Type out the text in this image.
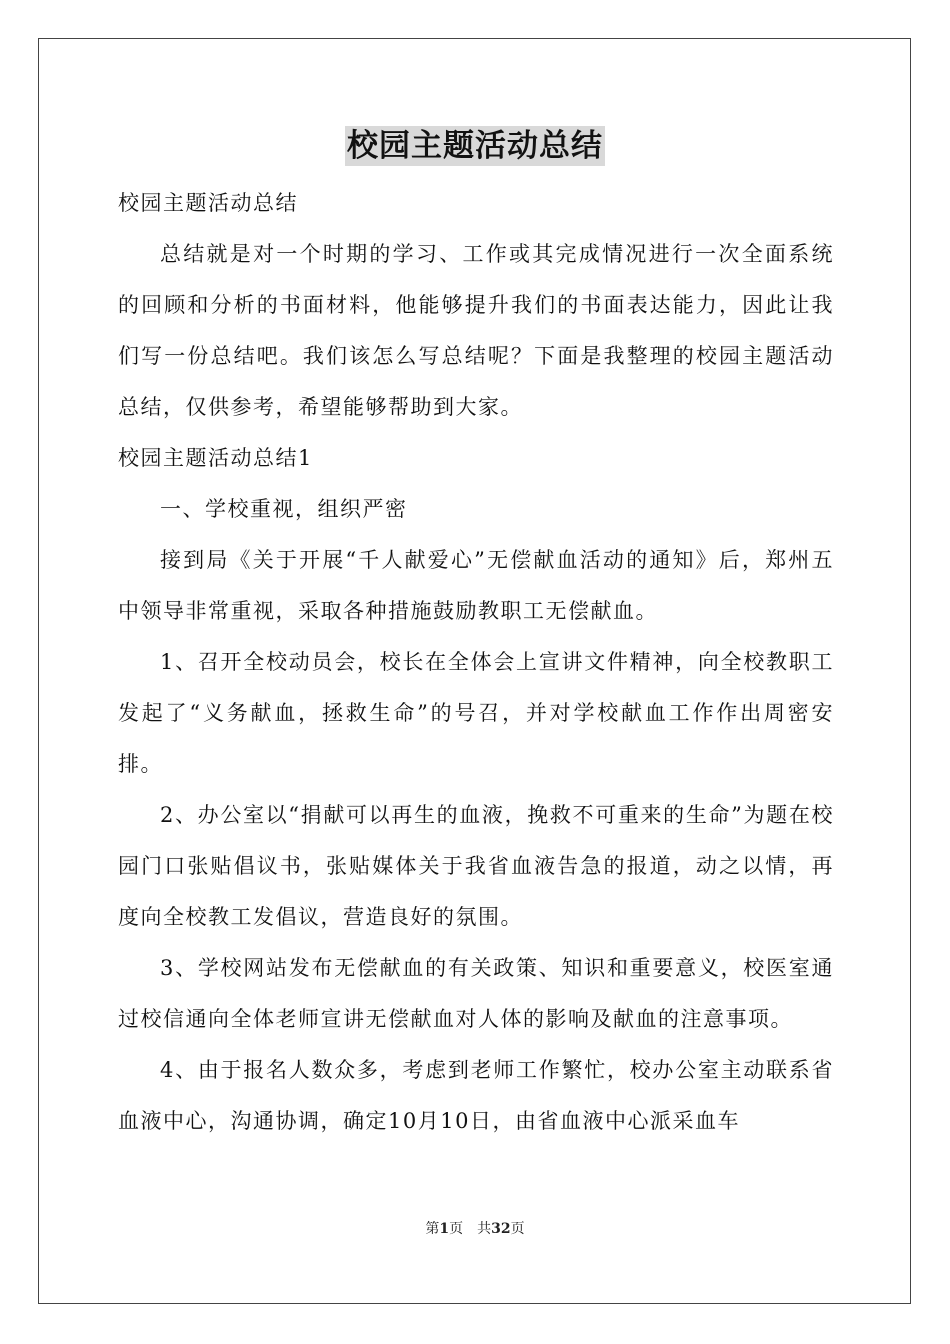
校园主题活动总结

校园主题活动总结

总结就是对一个时期的学习、工作或其完成情况进行一次全面系统的回顾和分析的书面材料，他能够提升我们的书面表达能力，因此让我们写一份总结吧。我们该怎么写总结呢？下面是我整理的校园主题活动总结，仅供参考，希望能够帮助到大家。

校园主题活动总结1

一、学校重视，组织严密

接到局《关于开展“千人献爱心”无偿献血活动的通知》后，郑州五中领导非常重视，采取各种措施鼓励教职工无偿献血。

1、召开全校动员会，校长在全体会上宣讲文件精神，向全校教职工发起了“义务献血，拯救生命”的号召，并对学校献血工作作出周密安排。

2、办公室以“捐献可以再生的血液，挽救不可重来的生命”为题在校园门口张贴倡议书，张贴媒体关于我省血液告急的报道，动之以情，再度向全校教工发倡议，营造良好的氛围。

3、学校网站发布无偿献血的有关政策、知识和重要意义，校医室通过校信通向全体老师宣讲无偿献血对人体的影响及献血的注意事项。

4、由于报名人数众多，考虑到老师工作繁忙，校办公室主动联系省血液中心，沟通协调，确定10月10日，由省血液中心派采血车

第1页 共32页
